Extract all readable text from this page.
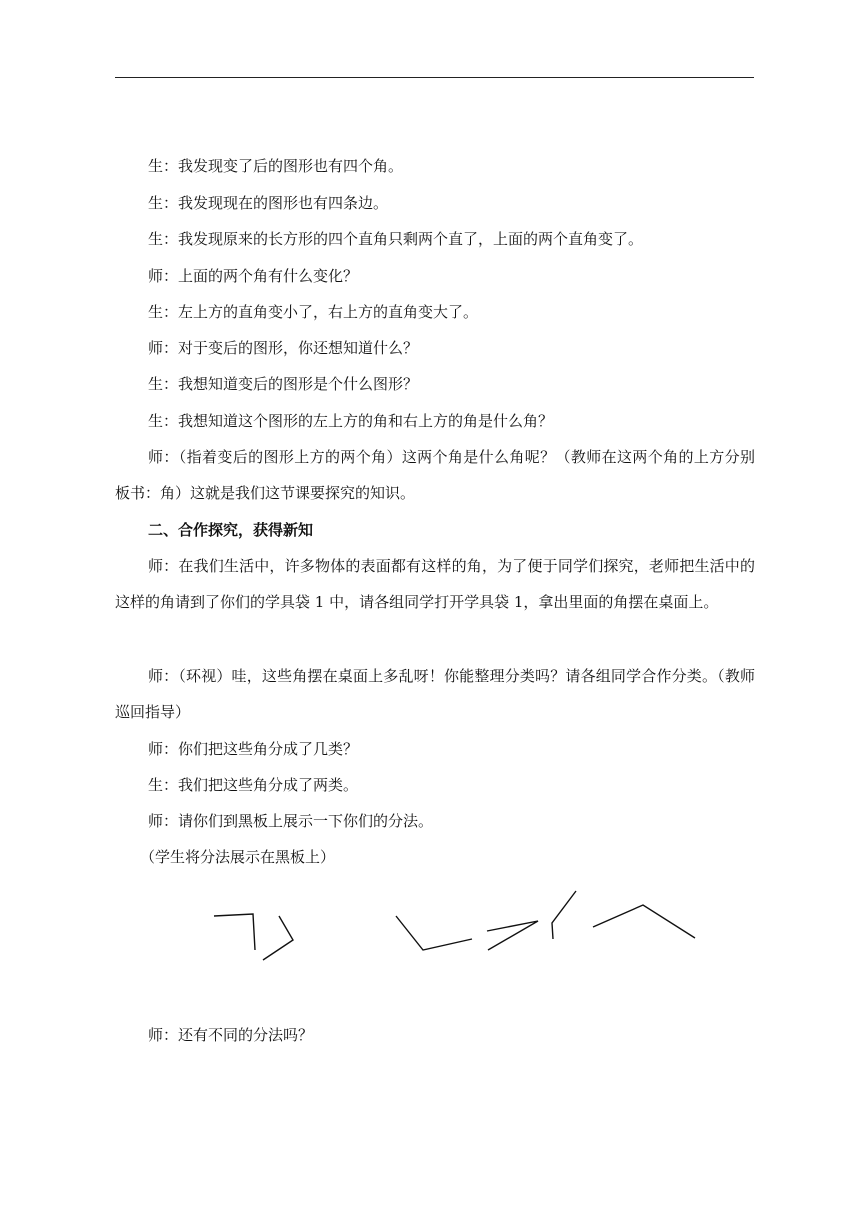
生：我发现变了后的图形也有四个角。

生：我发现现在的图形也有四条边。

生：我发现原来的长方形的四个直角只剩两个直了，上面的两个直角变了。

师：上面的两个角有什么变化？

生：左上方的直角变小了，右上方的直角变大了。

师：对于变后的图形，你还想知道什么？

生：我想知道变后的图形是个什么图形？

生：我想知道这个图形的左上方的角和右上方的角是什么角？

师：（指着变后的图形上方的两个角）这两个角是什么角呢？（教师在这两个角的上方分别板书：角）这就是我们这节课要探究的知识。

二、合作探究，获得新知

师：在我们生活中，许多物体的表面都有这样的角，为了便于同学们探究，老师把生活中的这样的角请到了你们的学具袋 1 中，请各组同学打开学具袋 1，拿出里面的角摆在桌面上。

师：（环视）哇，这些角摆在桌面上多乱呀！你能整理分类吗？请各组同学合作分类。（教师巡回指导）

师：你们把这些角分成了几类？

生：我们把这些角分成了两类。

师：请你们到黑板上展示一下你们的分法。

（学生将分法展示在黑板上）

师：还有不同的分法吗？
